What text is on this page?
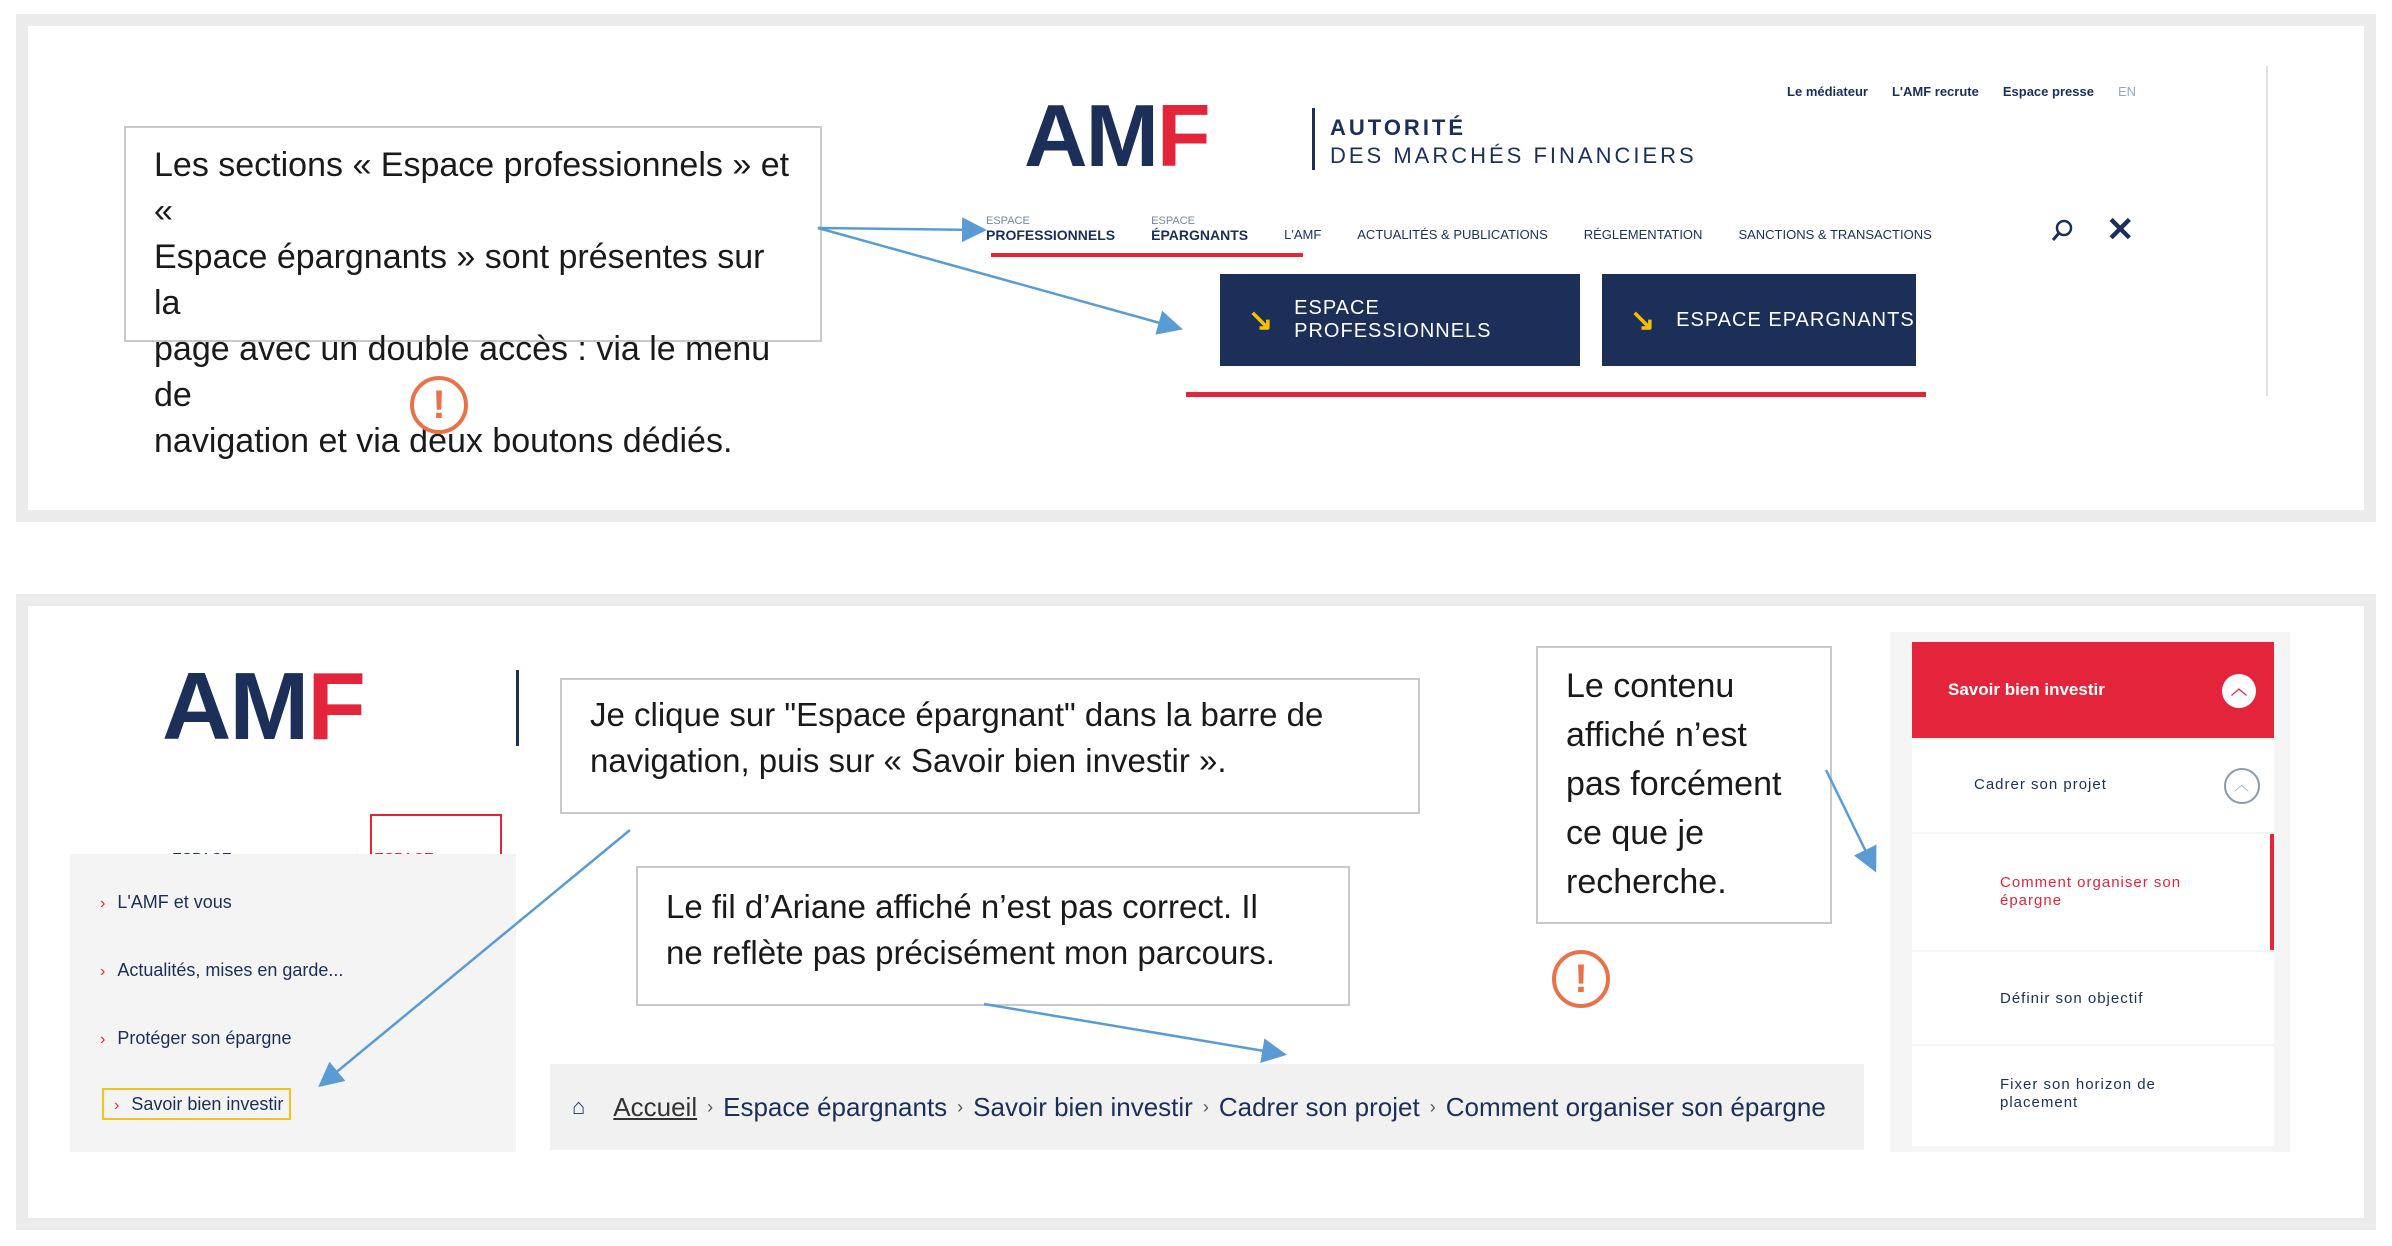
Les sections « Espace professionnels » et «
Espace épargnants » sont présentes sur la
page avec un double accès : via le menu de
navigation et via deux boutons dédiés.
!
AMF	AUTORITÉ
DES MARCHÉS FINANCIERS
Le médiateur L'AMF recrute Espace presse EN
ESPACE
PROFESSIONNELS
ESPACE
ÉPARGNANTS	L'AMF	ACTUALITÉS & PUBLICATIONS	RÉGLEMENTATION	SANCTIONS & TRANSACTIONS	✕
↘ ESPACE PROFESSIONNELS	↘ ESPACE EPARGNANTS
AMF
› L'AMF et vous
› Actualités, mises en garde...
› Protéger son épargne
› Savoir bien investir
Je clique sur "Espace épargnant" dans la barre de
navigation, puis sur « Savoir bien investir ».
Le fil d’Ariane affiché n’est pas correct. Il
ne reflète pas précisément mon parcours.
Le contenu
affiché n’est
pas forcément
ce que je
recherche.
!
⌂ Accueil › Espace épargnants › Savoir bien investir › Cadrer son projet › Comment organiser son épargne
Savoir bien investir	︿
Cadrer son projet	︿
Comment organiser son
épargne
Définir son objectif
Fixer son horizon de
placement
